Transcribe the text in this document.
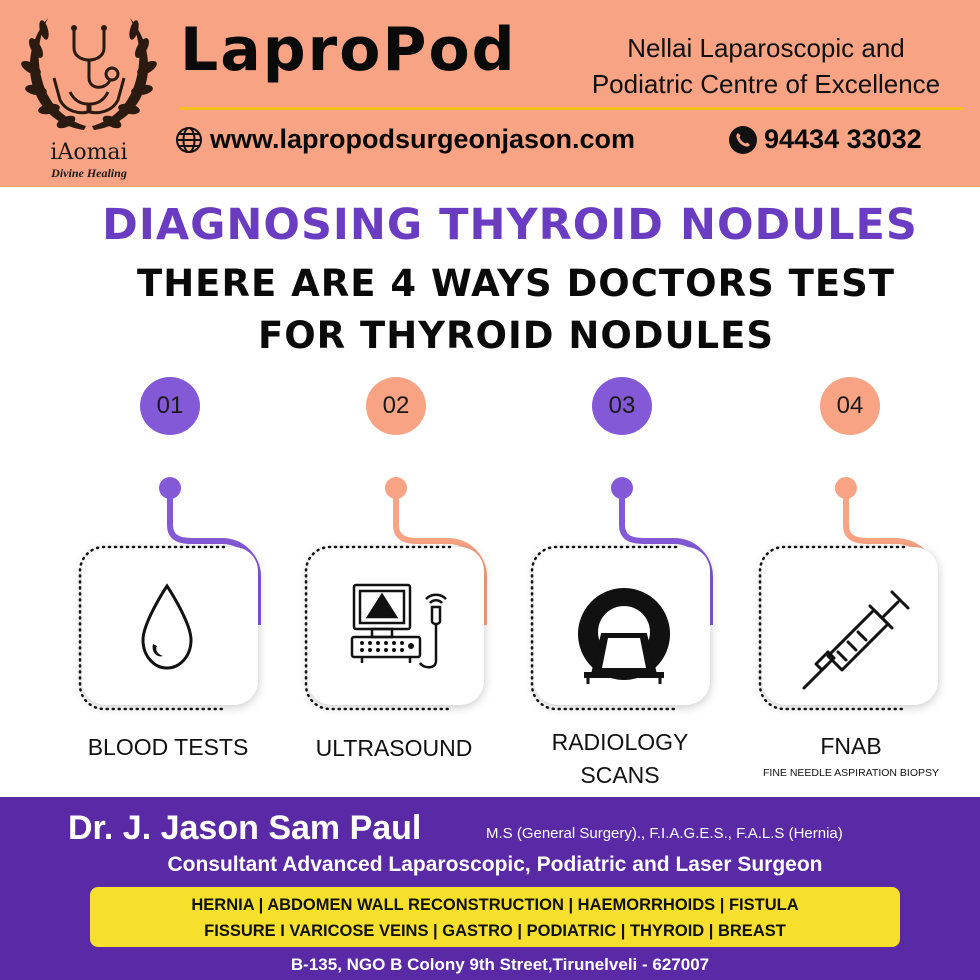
iAomai
Divine Healing
LaproPod	Nellai Laparoscopic and
Podiatric Centre of Excellence
www.lapropodsurgeonjason.com	94434 33032
DIAGNOSING THYROID NODULES
THERE ARE 4 WAYS DOCTORS TEST
FOR THYROID NODULES
01
BLOOD TESTS
02
ULTRASOUND
03
RADIOLOGY
SCANS
04
FNAB
FINE NEEDLE ASPIRATION BIOPSY
Dr. J. Jason Sam Paul	M.S (General Surgery)., F.I.A.G.E.S., F.A.L.S (Hernia)
Consultant Advanced Laparoscopic, Podiatric and Laser Surgeon
HERNIA | ABDOMEN WALL RECONSTRUCTION | HAEMORRHOIDS | FISTULA
FISSURE I VARICOSE VEINS | GASTRO | PODIATRIC | THYROID | BREAST
B-135, NGO B Colony 9th Street,Tirunelveli - 627007
